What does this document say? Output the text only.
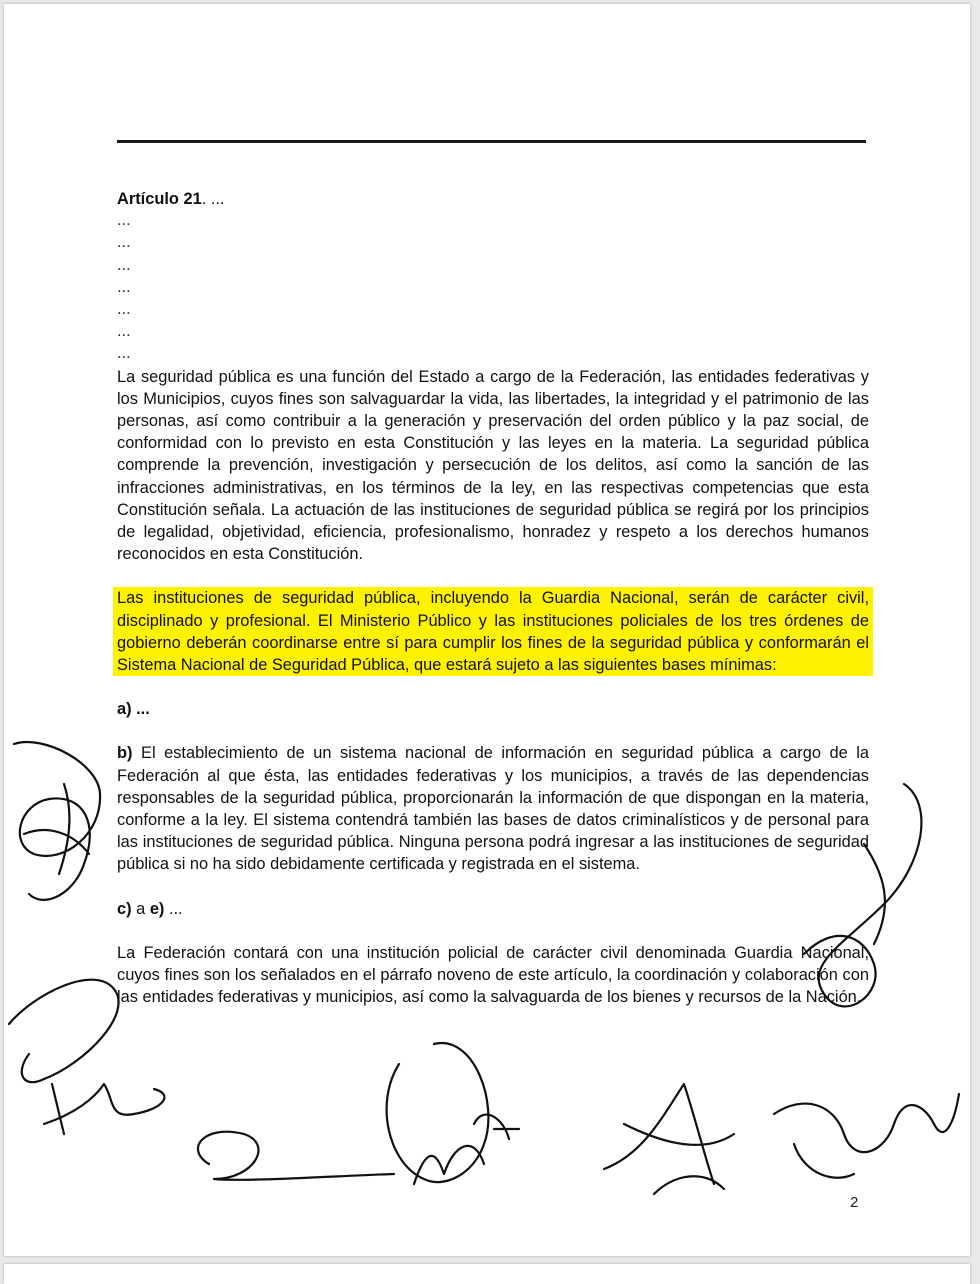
Artículo 21. ...

...

...

...

...

...

...

...

La seguridad pública es una función del Estado a cargo de la Federación, las entidades federativas y los Municipios, cuyos fines son salvaguardar la vida, las libertades, la integridad y el patrimonio de las personas, así como contribuir a la generación y preservación del orden público y la paz social, de conformidad con lo previsto en esta Constitución y las leyes en la materia. La seguridad pública comprende la prevención, investigación y persecución de los delitos, así como la sanción de las infracciones administrativas, en los términos de la ley, en las respectivas competencias que esta Constitución señala. La actuación de las instituciones de seguridad pública se regirá por los principios de legalidad, objetividad, eficiencia, profesionalismo, honradez y respeto a los derechos humanos reconocidos en esta Constitución.

Las instituciones de seguridad pública, incluyendo la Guardia Nacional, serán de carácter civil, disciplinado y profesional. El Ministerio Público y las instituciones policiales de los tres órdenes de gobierno deberán coordinarse entre sí para cumplir los fines de la seguridad pública y conformarán el Sistema Nacional de Seguridad Pública, que estará sujeto a las siguientes bases mínimas:

a) ...

b) El establecimiento de un sistema nacional de información en seguridad pública a cargo de la Federación al que ésta, las entidades federativas y los municipios, a través de las dependencias responsables de la seguridad pública, proporcionarán la información de que dispongan en la materia, conforme a la ley. El sistema contendrá también las bases de datos criminalísticos y de personal para las instituciones de seguridad pública. Ninguna persona podrá ingresar a las instituciones de seguridad pública si no ha sido debidamente certificada y registrada en el sistema.

c) a e) ...

La Federación contará con una institución policial de carácter civil denominada Guardia Nacional, cuyos fines son los señalados en el párrafo noveno de este artículo, la coordinación y colaboración con las entidades federativas y municipios, así como la salvaguarda de los bienes y recursos de la Nación.

2
